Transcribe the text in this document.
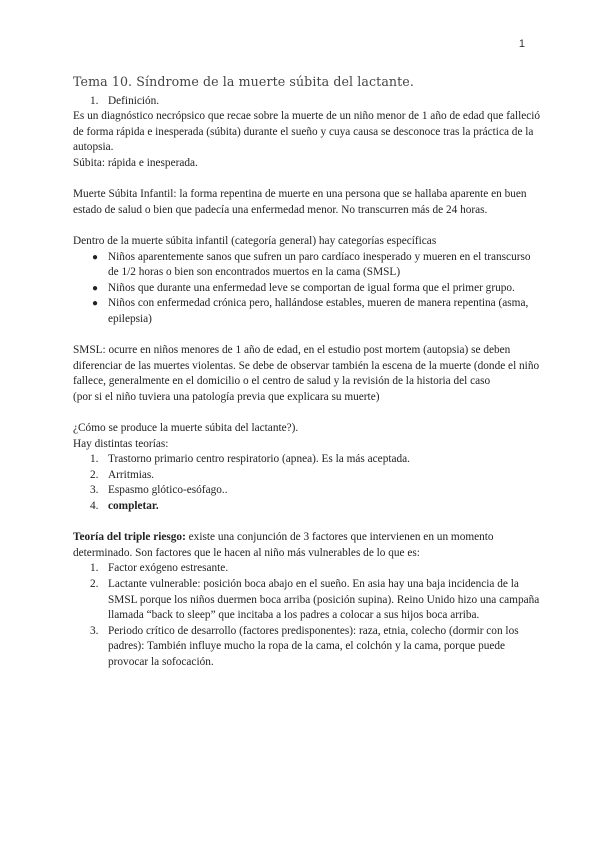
1
Tema 10. Síndrome de la muerte súbita del lactante.
1. Definición.

Es un diagnóstico necrópsico que recae sobre la muerte de un niño menor de 1 año de edad que falleció de forma rápida e inesperada (súbita) durante el sueño y cuya causa se desconoce tras la práctica de la autopsia.

Súbita: rápida e inesperada.

Muerte Súbita Infantil: la forma repentina de muerte en una persona que se hallaba aparente en buen estado de salud o bien que padecía una enfermedad menor. No transcurren más de 24 horas.

Dentro de la muerte súbita infantil (categoría general) hay categorías específicas

● Niños aparentemente sanos que sufren un paro cardíaco inesperado y mueren en el transcurso de 1/2 horas o bien son encontrados muertos en la cama (SMSL)
● Niños que durante una enfermedad leve se comportan de igual forma que el primer grupo.
● Niños con enfermedad crónica pero, hallándose estables, mueren de manera repentina (asma, epilepsia)

SMSL: ocurre en niños menores de 1 año de edad, en el estudio post mortem (autopsia) se deben diferenciar de las muertes violentas. Se debe de observar también la escena de la muerte (donde el niño fallece, generalmente en el domicilio o el centro de salud y la revisión de la historia del caso

(por si el niño tuviera una patología previa que explicara su muerte)

¿Cómo se produce la muerte súbita del lactante?).

Hay distintas teorías:

1. Trastorno primario centro respiratorio (apnea). Es la más aceptada.
2. Arritmias.
3. Espasmo glótico-esófago..
4. completar.

Teoría del triple riesgo: existe una conjunción de 3 factores que intervienen en un momento determinado. Son factores que le hacen al niño más vulnerables de lo que es:

1. Factor exógeno estresante.
2. Lactante vulnerable: posición boca abajo en el sueño. En asia hay una baja incidencia de la SMSL porque los niños duermen boca arriba (posición supina). Reino Unido hizo una campaña llamada “back to sleep” que incitaba a los padres a colocar a sus hijos boca arriba.
3. Periodo crítico de desarrollo (factores predisponentes): raza, etnia, colecho (dormir con los padres): También influye mucho la ropa de la cama, el colchón y la cama, porque puede provocar la sofocación.
